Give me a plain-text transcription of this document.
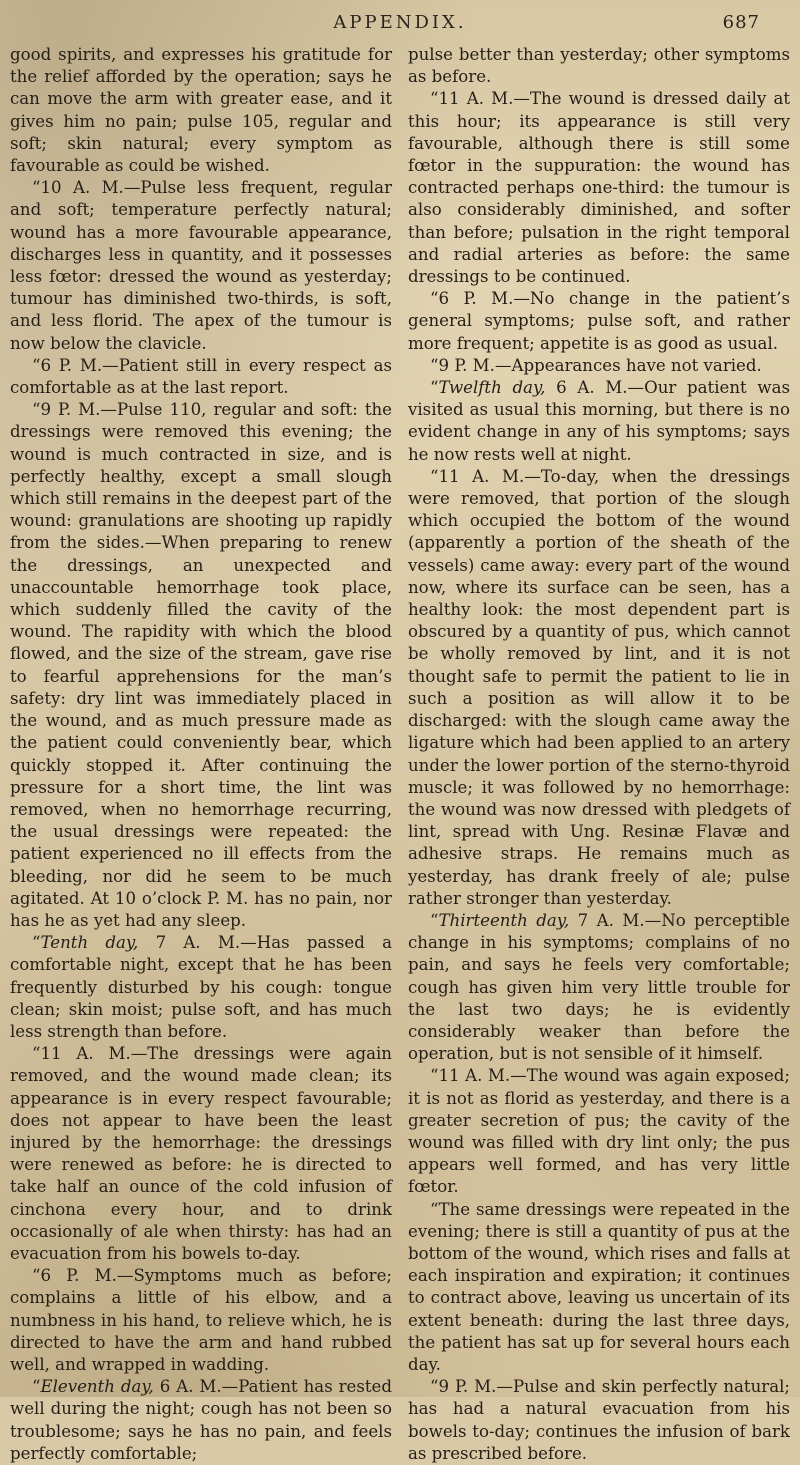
APPENDIX.	687

good spirits, and expresses his gratitude for the relief afforded by the operation; says he can move the arm with greater ease, and it gives him no pain; pulse 105, regular and soft; skin natural; every symptom as favourable as could be wished.

“10 A. M.—Pulse less frequent, regular and soft; temperature perfectly natural; wound has a more favourable appearance, discharges less in quantity, and it possesses less fœtor: dressed the wound as yesterday; tumour has diminished two-thirds, is soft, and less florid. The apex of the tumour is now below the clavicle.

“6 P. M.—Patient still in every respect as comfortable as at the last report.

“9 P. M.—Pulse 110, regular and soft: the dressings were removed this evening; the wound is much contracted in size, and is perfectly healthy, except a small slough which still remains in the deepest part of the wound: granulations are shooting up rapidly from the sides.—When preparing to renew the dressings, an unexpected and unaccountable hemorrhage took place, which suddenly filled the cavity of the wound. The rapidity with which the blood flowed, and the size of the stream, gave rise to fearful apprehensions for the man’s safety: dry lint was immediately placed in the wound, and as much pressure made as the patient could conveniently bear, which quickly stopped it. After continuing the pressure for a short time, the lint was removed, when no hemorrhage recurring, the usual dressings were repeated: the patient experienced no ill effects from the bleeding, nor did he seem to be much agitated. At 10 o’clock P. M. has no pain, nor has he as yet had any sleep.

“Tenth day, 7 A. M.—Has passed a comfortable night, except that he has been frequently disturbed by his cough: tongue clean; skin moist; pulse soft, and has much less strength than before.

“11 A. M.—The dressings were again removed, and the wound made clean; its appearance is in every respect favourable; does not appear to have been the least injured by the hemorrhage: the dressings were renewed as before: he is directed to take half an ounce of the cold infusion of cinchona every hour, and to drink occasionally of ale when thirsty: has had an evacuation from his bowels to-day.

“6 P. M.—Symptoms much as before; complains a little of his elbow, and a numbness in his hand, to relieve which, he is directed to have the arm and hand rubbed well, and wrapped in wadding.

“Eleventh day, 6 A. M.—Patient has rested well during the night; cough has not been so troublesome; says he has no pain, and feels perfectly comfortable;

pulse better than yesterday; other symptoms as before.

“11 A. M.—The wound is dressed daily at this hour; its appearance is still very favourable, although there is still some fœtor in the suppuration: the wound has contracted perhaps one-third: the tumour is also considerably diminished, and softer than before; pulsation in the right temporal and radial arteries as before: the same dressings to be continued.

“6 P. M.—No change in the patient’s general symptoms; pulse soft, and rather more frequent; appetite is as good as usual.

“9 P. M.—Appearances have not varied.

“Twelfth day, 6 A. M.—Our patient was visited as usual this morning, but there is no evident change in any of his symptoms; says he now rests well at night.

“11 A. M.—To-day, when the dressings were removed, that portion of the slough which occupied the bottom of the wound (apparently a portion of the sheath of the vessels) came away: every part of the wound now, where its surface can be seen, has a healthy look: the most dependent part is obscured by a quantity of pus, which cannot be wholly removed by lint, and it is not thought safe to permit the patient to lie in such a position as will allow it to be discharged: with the slough came away the ligature which had been applied to an artery under the lower portion of the sterno-thyroid muscle; it was followed by no hemorrhage: the wound was now dressed with pledgets of lint, spread with Ung. Resinæ Flavæ and adhesive straps. He remains much as yesterday, has drank freely of ale; pulse rather stronger than yesterday.

“Thirteenth day, 7 A. M.—No perceptible change in his symptoms; complains of no pain, and says he feels very comfortable; cough has given him very little trouble for the last two days; he is evidently considerably weaker than before the operation, but is not sensible of it himself.

“11 A. M.—The wound was again exposed; it is not as florid as yesterday, and there is a greater secretion of pus; the cavity of the wound was filled with dry lint only; the pus appears well formed, and has very little fœtor.

“The same dressings were repeated in the evening; there is still a quantity of pus at the bottom of the wound, which rises and falls at each inspiration and expiration; it continues to contract above, leaving us uncertain of its extent beneath: during the last three days, the patient has sat up for several hours each day.

“9 P. M.—Pulse and skin perfectly natural; has had a natural evacuation from his bowels to-day; continues the infusion of bark as prescribed before.
